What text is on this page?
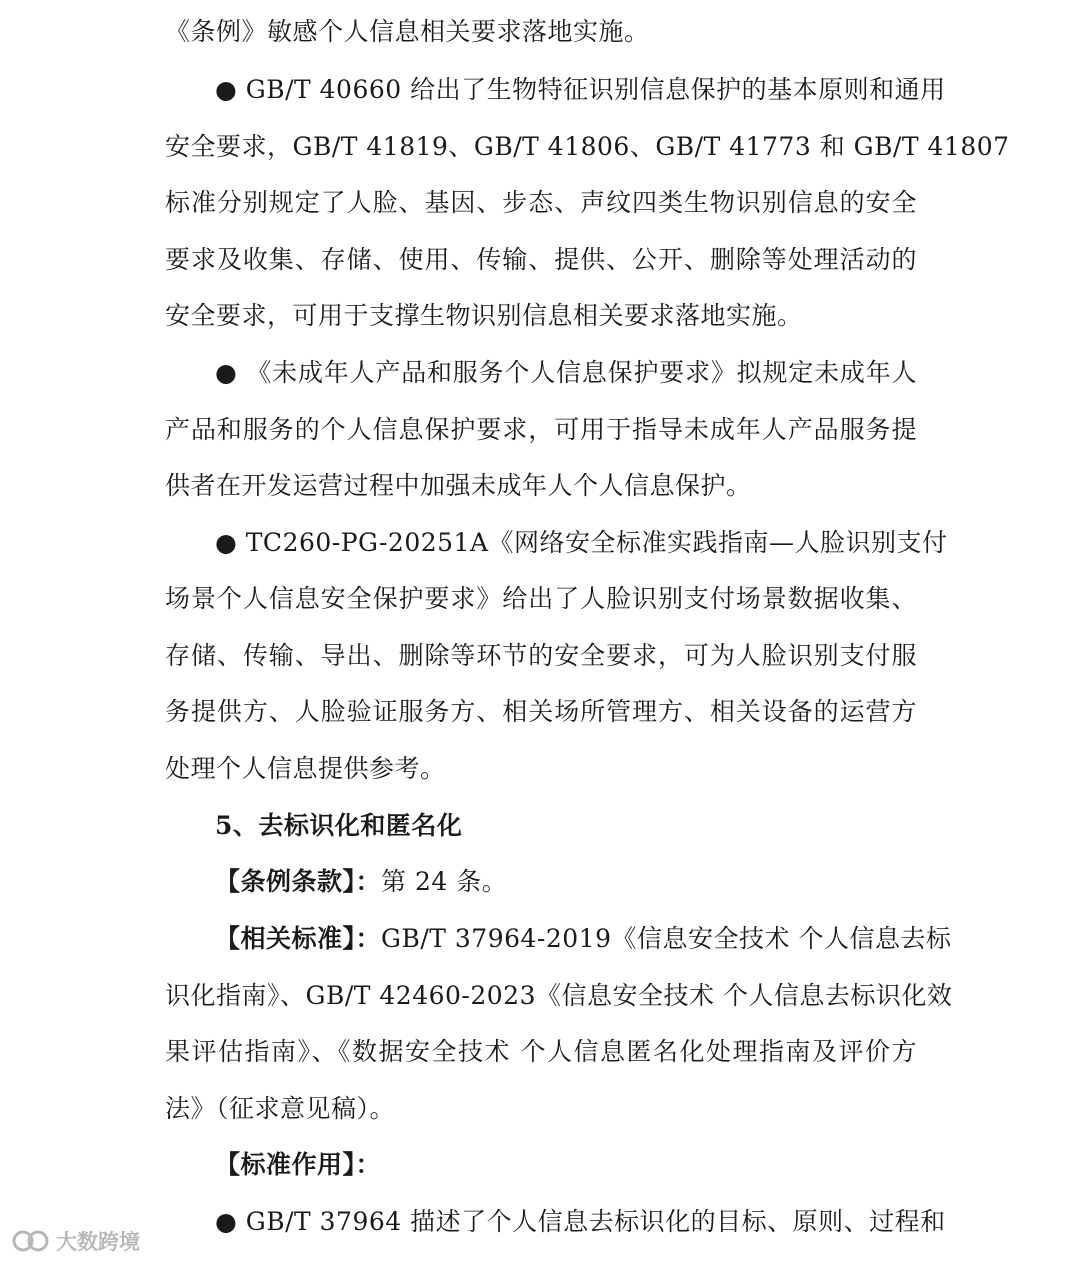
《条例》敏感个人信息相关要求落地实施。
● GB/T 40660 给出了生物特征识别信息保护的基本原则和通用
安全要求，GB/T 41819、GB/T 41806、GB/T 41773 和 GB/T 41807
标准分别规定了人脸、基因、步态、声纹四类生物识别信息的安全
要求及收集、存储、使用、传输、提供、公开、删除等处理活动的
安全要求，可用于支撑生物识别信息相关要求落地实施。
● 《未成年人产品和服务个人信息保护要求》拟规定未成年人
产品和服务的个人信息保护要求，可用于指导未成年人产品服务提
供者在开发运营过程中加强未成年人个人信息保护。
● TC260-PG-20251A《网络安全标准实践指南—人脸识别支付
场景个人信息安全保护要求》给出了人脸识别支付场景数据收集、
存储、传输、导出、删除等环节的安全要求，可为人脸识别支付服
务提供方、人脸验证服务方、相关场所管理方、相关设备的运营方
处理个人信息提供参考。
5、去标识化和匿名化
【条例条款】：第 24 条。
【相关标准】：GB/T 37964-2019《信息安全技术 个人信息去标
识化指南》、GB/T 42460-2023《信息安全技术 个人信息去标识化效
果评估指南》、《数据安全技术 个人信息匿名化处理指南及评价方
法》（征求意见稿）。
【标准作用】：
● GB/T 37964 描述了个人信息去标识化的目标、原则、过程和
大数跨境
